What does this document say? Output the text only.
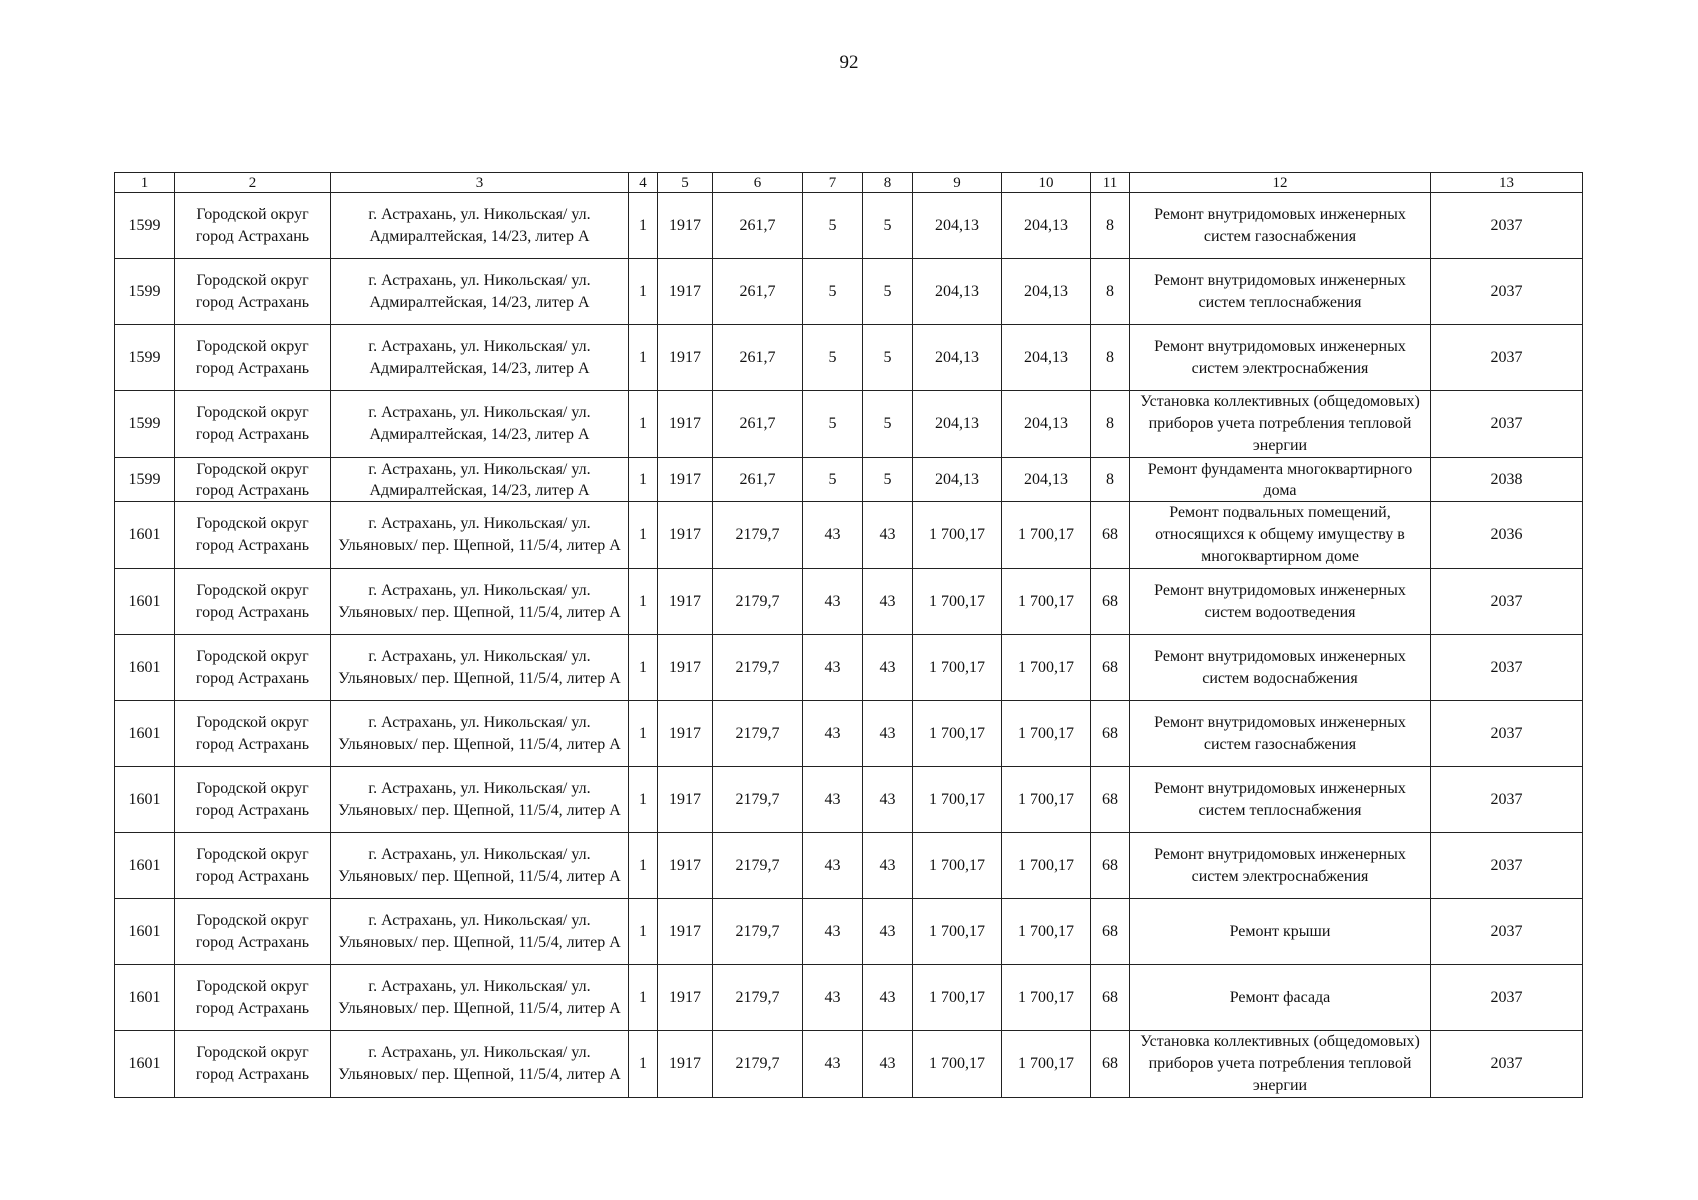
92
1	2	3	4	5	6	7	8	9	10	11	12	13
1599	Городской округ город Астрахань	г. Астрахань, ул. Никольская/ ул. Адмиралтейская, 14/23, литер А	1	1917	261,7	5	5	204,13	204,13	8	Ремонт внутридомовых инженерных систем газоснабжения	2037
1599	Городской округ город Астрахань	г. Астрахань, ул. Никольская/ ул. Адмиралтейская, 14/23, литер А	1	1917	261,7	5	5	204,13	204,13	8	Ремонт внутридомовых инженерных систем теплоснабжения	2037
1599	Городской округ город Астрахань	г. Астрахань, ул. Никольская/ ул. Адмиралтейская, 14/23, литер А	1	1917	261,7	5	5	204,13	204,13	8	Ремонт внутридомовых инженерных систем электроснабжения	2037
1599	Городской округ город Астрахань	г. Астрахань, ул. Никольская/ ул. Адмиралтейская, 14/23, литер А	1	1917	261,7	5	5	204,13	204,13	8	Установка коллективных (общедомовых) приборов учета потребления тепловой энергии	2037
1599	Городской округ город Астрахань	г. Астрахань, ул. Никольская/ ул. Адмиралтейская, 14/23, литер А	1	1917	261,7	5	5	204,13	204,13	8	Ремонт фундамента многоквартирного дома	2038
1601	Городской округ город Астрахань	г. Астрахань, ул. Никольская/ ул. Ульяновых/ пер. Щепной, 11/5/4, литер А	1	1917	2179,7	43	43	1 700,17	1 700,17	68	Ремонт подвальных помещений, относящихся к общему имуществу в многоквартирном доме	2036
1601	Городской округ город Астрахань	г. Астрахань, ул. Никольская/ ул. Ульяновых/ пер. Щепной, 11/5/4, литер А	1	1917	2179,7	43	43	1 700,17	1 700,17	68	Ремонт внутридомовых инженерных систем водоотведения	2037
1601	Городской округ город Астрахань	г. Астрахань, ул. Никольская/ ул. Ульяновых/ пер. Щепной, 11/5/4, литер А	1	1917	2179,7	43	43	1 700,17	1 700,17	68	Ремонт внутридомовых инженерных систем водоснабжения	2037
1601	Городской округ город Астрахань	г. Астрахань, ул. Никольская/ ул. Ульяновых/ пер. Щепной, 11/5/4, литер А	1	1917	2179,7	43	43	1 700,17	1 700,17	68	Ремонт внутридомовых инженерных систем газоснабжения	2037
1601	Городской округ город Астрахань	г. Астрахань, ул. Никольская/ ул. Ульяновых/ пер. Щепной, 11/5/4, литер А	1	1917	2179,7	43	43	1 700,17	1 700,17	68	Ремонт внутридомовых инженерных систем теплоснабжения	2037
1601	Городской округ город Астрахань	г. Астрахань, ул. Никольская/ ул. Ульяновых/ пер. Щепной, 11/5/4, литер А	1	1917	2179,7	43	43	1 700,17	1 700,17	68	Ремонт внутридомовых инженерных систем электроснабжения	2037
1601	Городской округ город Астрахань	г. Астрахань, ул. Никольская/ ул. Ульяновых/ пер. Щепной, 11/5/4, литер А	1	1917	2179,7	43	43	1 700,17	1 700,17	68	Ремонт крыши	2037
1601	Городской округ город Астрахань	г. Астрахань, ул. Никольская/ ул. Ульяновых/ пер. Щепной, 11/5/4, литер А	1	1917	2179,7	43	43	1 700,17	1 700,17	68	Ремонт фасада	2037
1601	Городской округ город Астрахань	г. Астрахань, ул. Никольская/ ул. Ульяновых/ пер. Щепной, 11/5/4, литер А	1	1917	2179,7	43	43	1 700,17	1 700,17	68	Установка коллективных (общедомовых) приборов учета потребления тепловой энергии	2037
